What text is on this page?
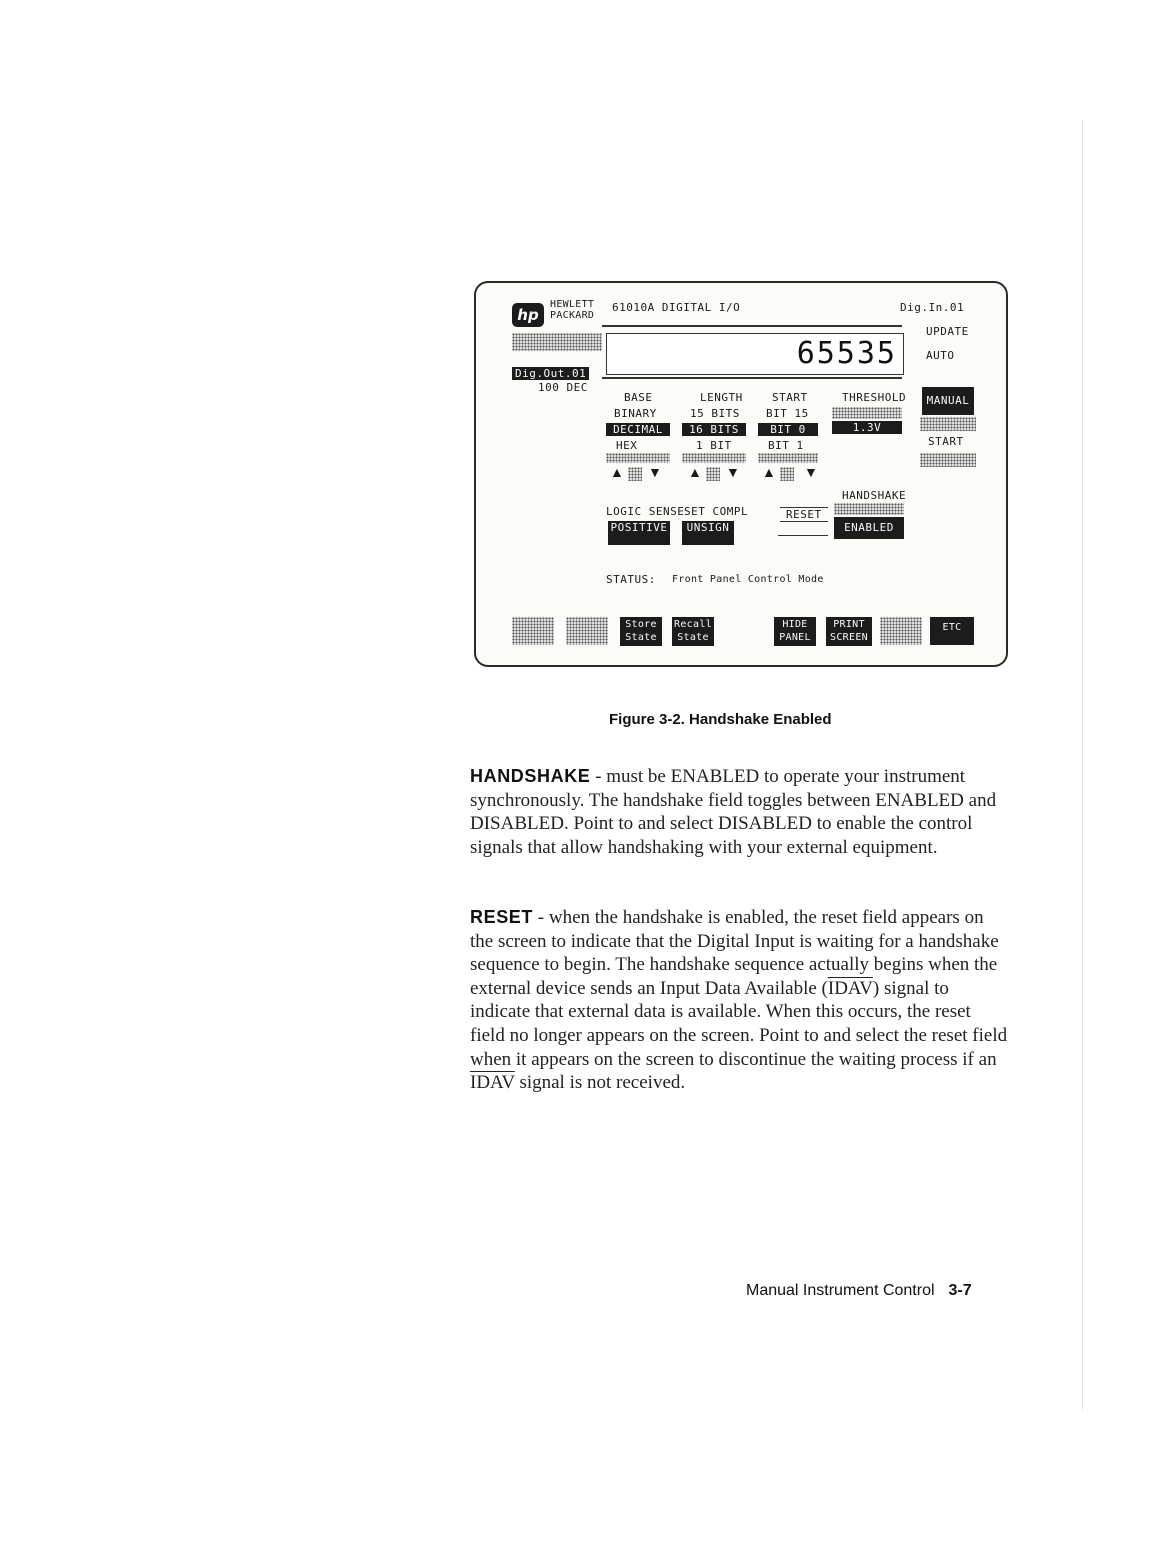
hp
HEWLETT
PACKARD
61010A DIGITAL I/O	Dig.In.01
65535
UPDATE
AUTO
Dig.Out.01
100 DEC
BASE
BINARY
DECIMAL
HEX
LENGTH
15 BITS
16 BITS
1 BIT
START
BIT 15
BIT 0
BIT 1
THRESHOLD
1.3V
MANUAL
START
▲ ▼ ▲ ▼ ▲ ▼
LOGIC SENSE
POSITIVE
SET COMPL
UNSIGN
RESET
HANDSHAKE
ENABLED
STATUS: Front Panel Control Mode
Store State
Recall State
HIDE PANEL
PRINT SCREEN
ETC
Figure 3-2. Handshake Enabled

HANDSHAKE - must be ENABLED to operate your instrument synchronously. The handshake field toggles between ENABLED and DISABLED. Point to and select DISABLED to enable the control signals that allow handshaking with your external equipment.

RESET - when the handshake is enabled, the reset field appears on the screen to indicate that the Digital Input is waiting for a handshake sequence to begin. The handshake sequence actually begins when the external device sends an Input Data Available (IDAV) signal to indicate that external data is available. When this occurs, the reset field no longer appears on the screen. Point to and select the reset field when it appears on the screen to discontinue the waiting process if an IDAV signal is not received.

Manual Instrument Control 3-7
